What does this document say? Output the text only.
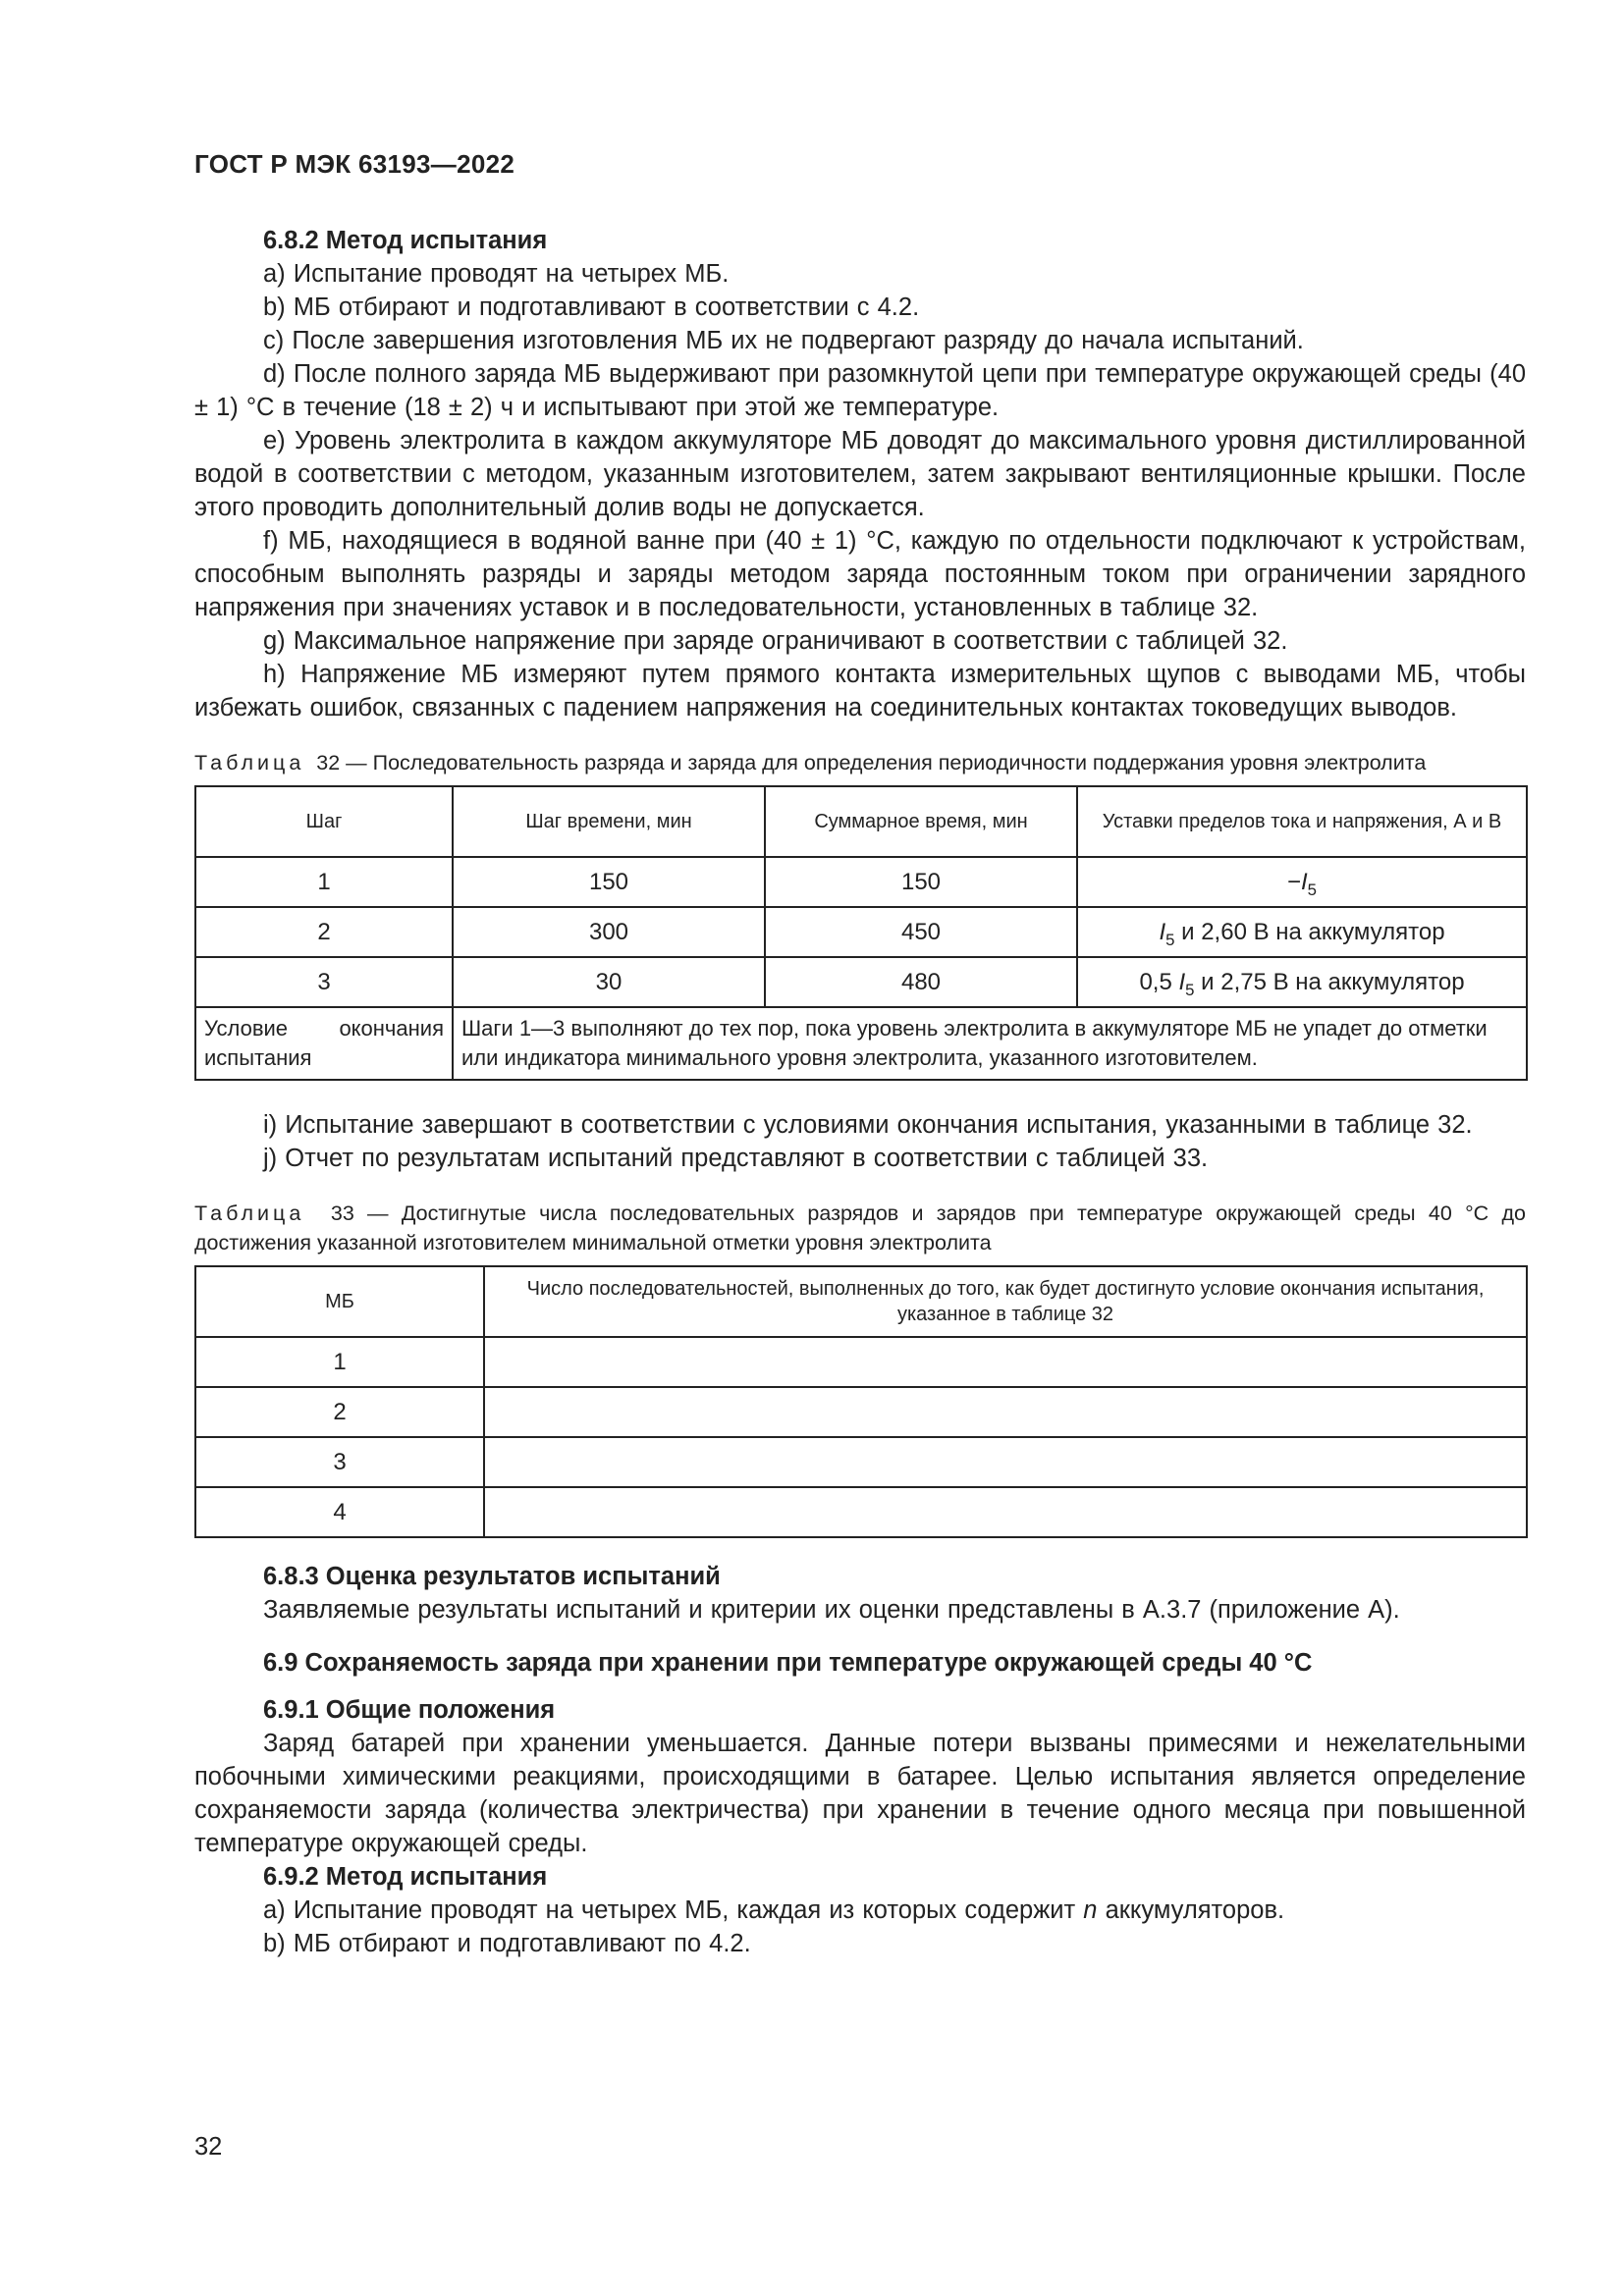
ГОСТ Р МЭК 63193—2022

6.8.2 Метод испытания

a) Испытание проводят на четырех МБ.

b) МБ отбирают и подготавливают в соответствии с 4.2.

c) После завершения изготовления МБ их не подвергают разряду до начала испытаний.

d) После полного заряда МБ выдерживают при разомкнутой цепи при температуре окружающей среды (40 ± 1) °С в течение (18 ± 2) ч и испытывают при этой же температуре.

e) Уровень электролита в каждом аккумуляторе МБ доводят до максимального уровня дистиллированной водой в соответствии с методом, указанным изготовителем, затем закрывают вентиляционные крышки. После этого проводить дополнительный долив воды не допускается.

f) МБ, находящиеся в водяной ванне при (40 ± 1) °С, каждую по отдельности подключают к устройствам, способным выполнять разряды и заряды методом заряда постоянным током при ограничении зарядного напряжения при значениях уставок и в последовательности, установленных в таблице 32.

g) Максимальное напряжение при заряде ограничивают в соответствии с таблицей 32.

h) Напряжение МБ измеряют путем прямого контакта измерительных щупов с выводами МБ, чтобы избежать ошибок, связанных с падением напряжения на соединительных контактах токоведущих выводов.

Таблица 32 — Последовательность разряда и заряда для определения периодичности поддержания уровня электролита

Шаг	Шаг времени, мин	Суммарное время, мин	Уставки пределов тока и напряжения, А и В
1	150	150	$-I_5$
2	300	450	$I_5$ и 2,60 В на аккумулятор
3	30	480	0,5 $I_5$ и 2,75 В на аккумулятор
Условие окончания испытания	Шаги 1—3 выполняют до тех пор, пока уровень электролита в аккумуляторе МБ не упадет до отметки или индикатора минимального уровня электролита, указанного изготовителем.		

i) Испытание завершают в соответствии с условиями окончания испытания, указанными в таблице 32.

j) Отчет по результатам испытаний представляют в соответствии с таблицей 33.

Таблица 33 — Достигнутые числа последовательных разрядов и зарядов при температуре окружающей среды 40 °С до достижения указанной изготовителем минимальной отметки уровня электролита

МБ	Число последовательностей, выполненных до того, как будет достигнуто условие окончания испытания, указанное в таблице 32
1	
2	
3	
4	

6.8.3 Оценка результатов испытаний

Заявляемые результаты испытаний и критерии их оценки представлены в А.3.7 (приложение А).

6.9 Сохраняемость заряда при хранении при температуре окружающей среды 40 °С

6.9.1 Общие положения

Заряд батарей при хранении уменьшается. Данные потери вызваны примесями и нежелательными побочными химическими реакциями, происходящими в батарее. Целью испытания является определение сохраняемости заряда (количества электричества) при хранении в течение одного месяца при повышенной температуре окружающей среды.

6.9.2 Метод испытания

a) Испытание проводят на четырех МБ, каждая из которых содержит n аккумуляторов.

b) МБ отбирают и подготавливают по 4.2.

32
